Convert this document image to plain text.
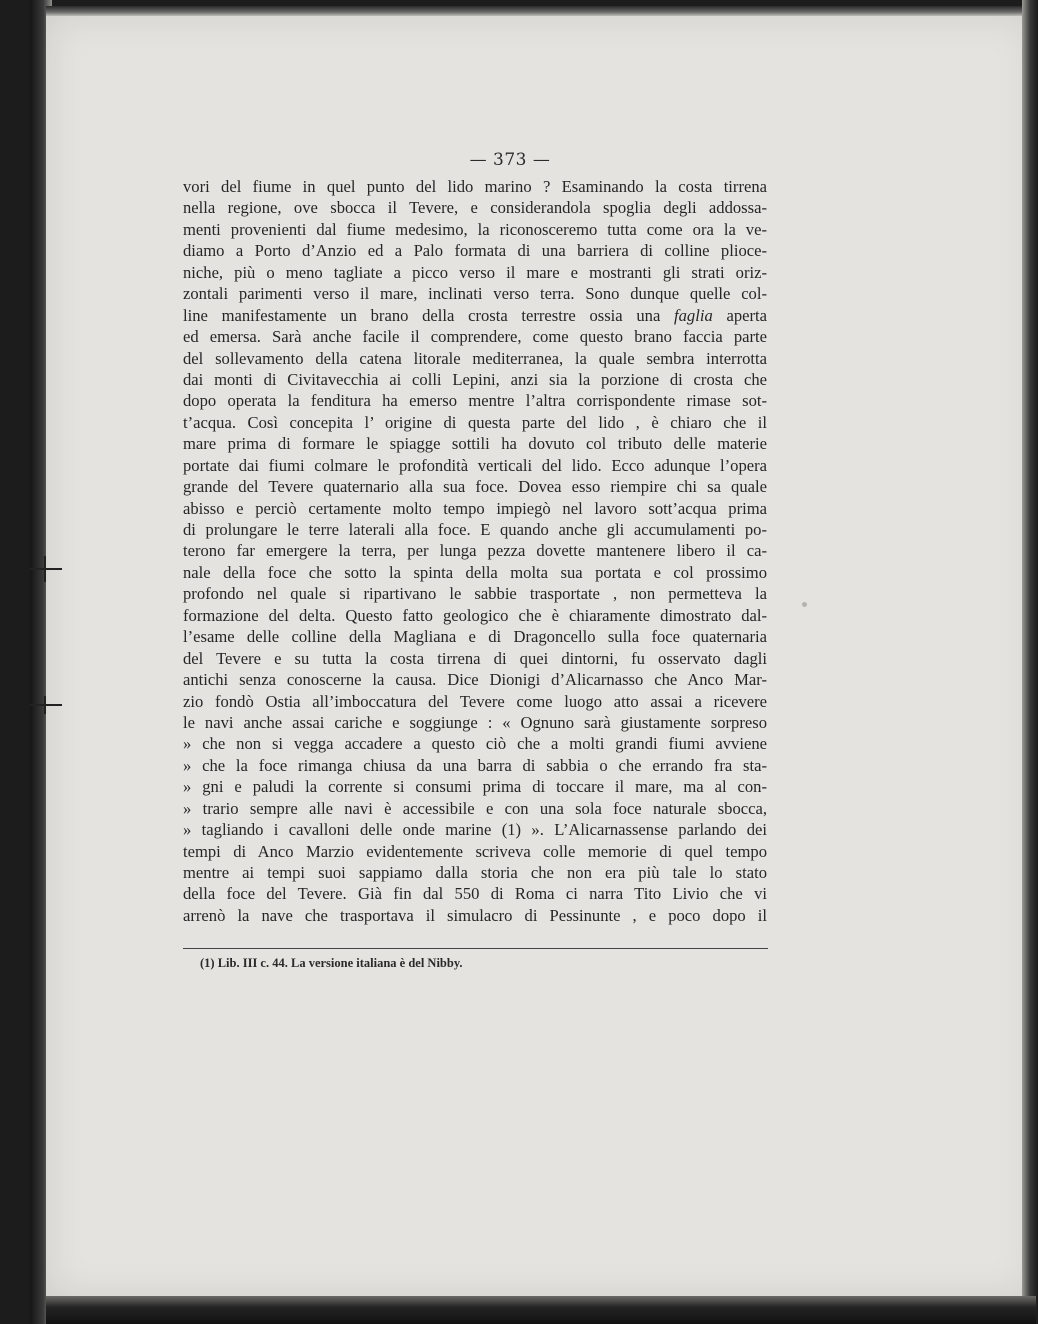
— 373 —
vori del fiume in quel punto del lido marino ? Esaminando la costa tirrena
nella regione, ove sbocca il Tevere, e considerandola spoglia degli addossa-
menti provenienti dal fiume medesimo, la riconosceremo tutta come ora la ve-
diamo a Porto d’Anzio ed a Palo formata di una barriera di colline plioce-
niche, più o meno tagliate a picco verso il mare e mostranti gli strati oriz-
zontali parimenti verso il mare, inclinati verso terra. Sono dunque quelle col-
line manifestamente un brano della crosta terrestre ossia una faglia aperta
ed emersa. Sarà anche facile il comprendere, come questo brano faccia parte
del sollevamento della catena litorale mediterranea, la quale sembra interrotta
dai monti di Civitavecchia ai colli Lepini, anzi sia la porzione di crosta che
dopo operata la fenditura ha emerso mentre l’altra corrispondente rimase sot-
t’acqua. Così concepita l’ origine di questa parte del lido , è chiaro che il
mare prima di formare le spiagge sottili ha dovuto col tributo delle materie
portate dai fiumi colmare le profondità verticali del lido. Ecco adunque l’opera
grande del Tevere quaternario alla sua foce. Dovea esso riempire chi sa quale
abisso e perciò certamente molto tempo impiegò nel lavoro sott’acqua prima
di prolungare le terre laterali alla foce. E quando anche gli accumulamenti po-
terono far emergere la terra, per lunga pezza dovette mantenere libero il ca-
nale della foce che sotto la spinta della molta sua portata e col prossimo
profondo nel quale si ripartivano le sabbie trasportate , non permetteva la
formazione del delta. Questo fatto geologico che è chiaramente dimostrato dal-
l’esame delle colline della Magliana e di Dragoncello sulla foce quaternaria
del Tevere e su tutta la costa tirrena di quei dintorni, fu osservato dagli
antichi senza conoscerne la causa. Dice Dionigi d’Alicarnasso che Anco Mar-
zio fondò Ostia all’imboccatura del Tevere come luogo atto assai a ricevere
le navi anche assai cariche e soggiunge : « Ognuno sarà giustamente sorpreso
» che non si vegga accadere a questo ciò che a molti grandi fiumi avviene
» che la foce rimanga chiusa da una barra di sabbia o che errando fra sta-
» gni e paludi la corrente si consumi prima di toccare il mare, ma al con-
» trario sempre alle navi è accessibile e con una sola foce naturale sbocca,
» tagliando i cavalloni delle onde marine (1) ». L’Alicarnassense parlando dei
tempi di Anco Marzio evidentemente scriveva colle memorie di quel tempo
mentre ai tempi suoi sappiamo dalla storia che non era più tale lo stato
della foce del Tevere. Già fin dal 550 di Roma ci narra Tito Livio che vi
arrenò la nave che trasportava il simulacro di Pessinunte , e poco dopo il
(1) Lib. III c. 44. La versione italiana è del Nibby.
